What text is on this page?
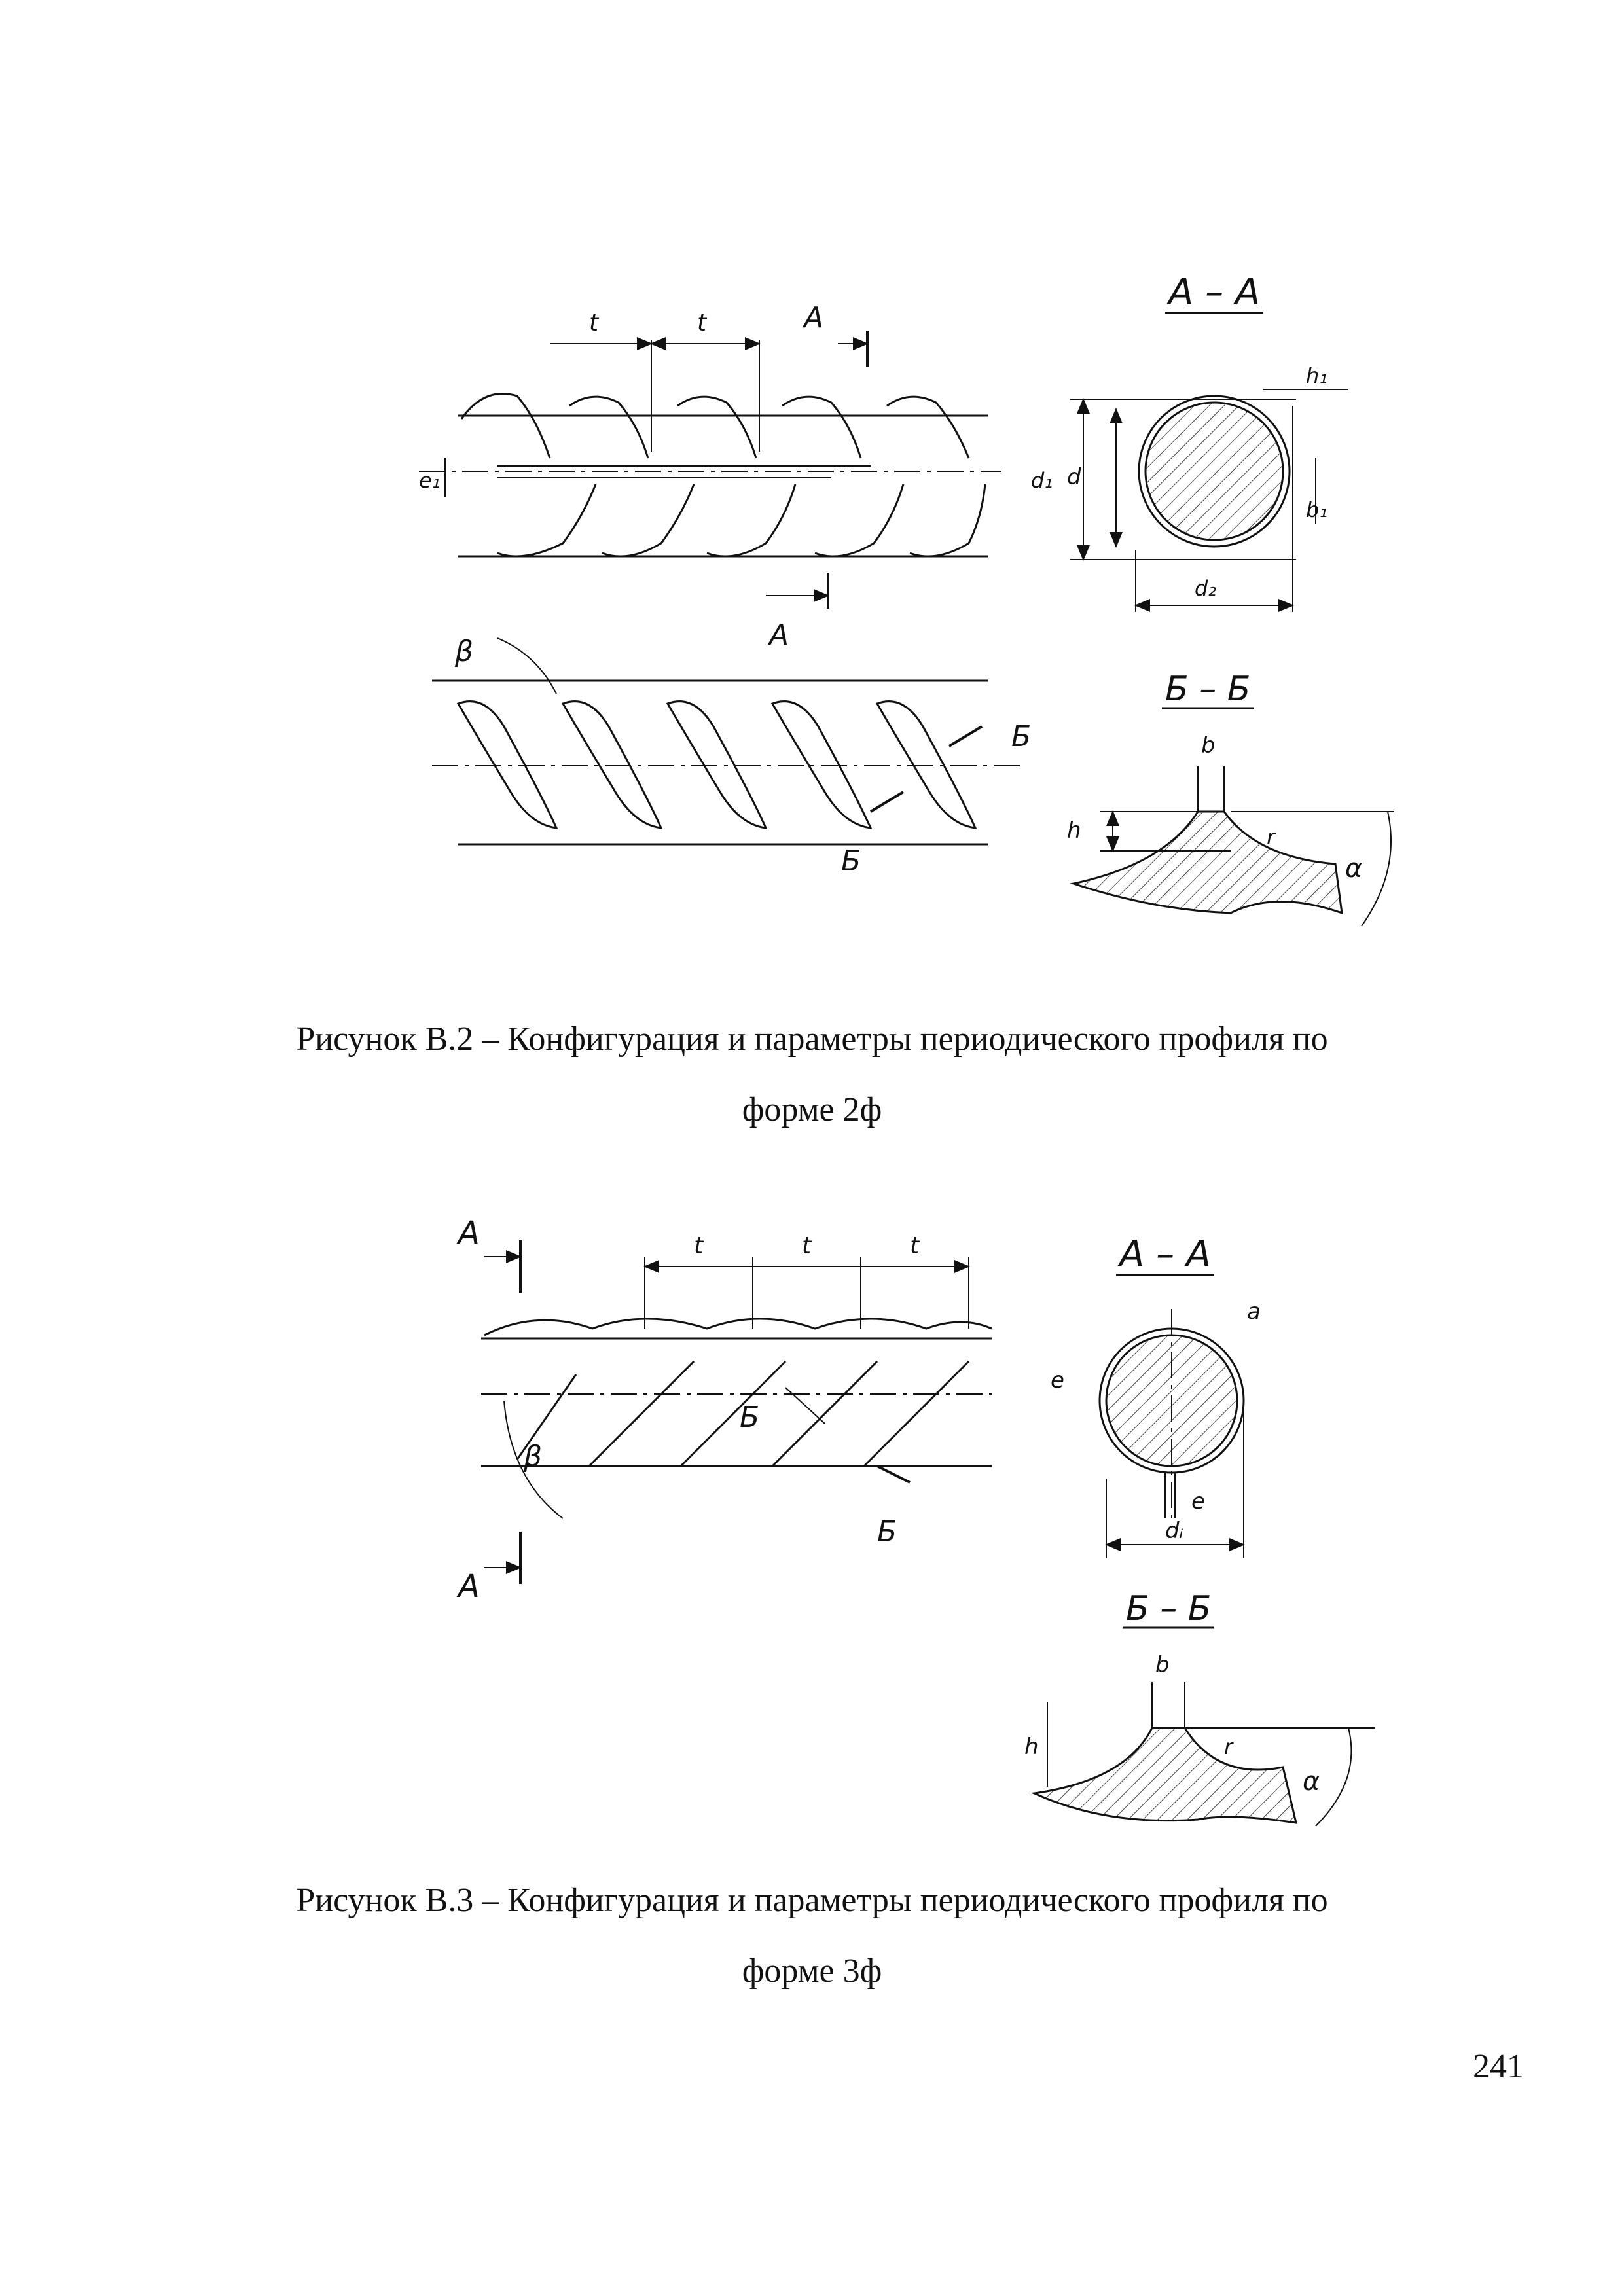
А – А
t	t	А
А
e₁	d₁ d
d₂
h₁
b₁
β
Б
Б
Б – Б
b
h	r
α
А
А
t	t	t
β
Б
Б
А – А
e
a
e
dᵢ
Б – Б
b
h	r
α
Рисунок В.2 – Конфигурация и параметры периодического профиля по
форме 2ф
Рисунок В.3 – Конфигурация и параметры периодического профиля по
форме 3ф
241
